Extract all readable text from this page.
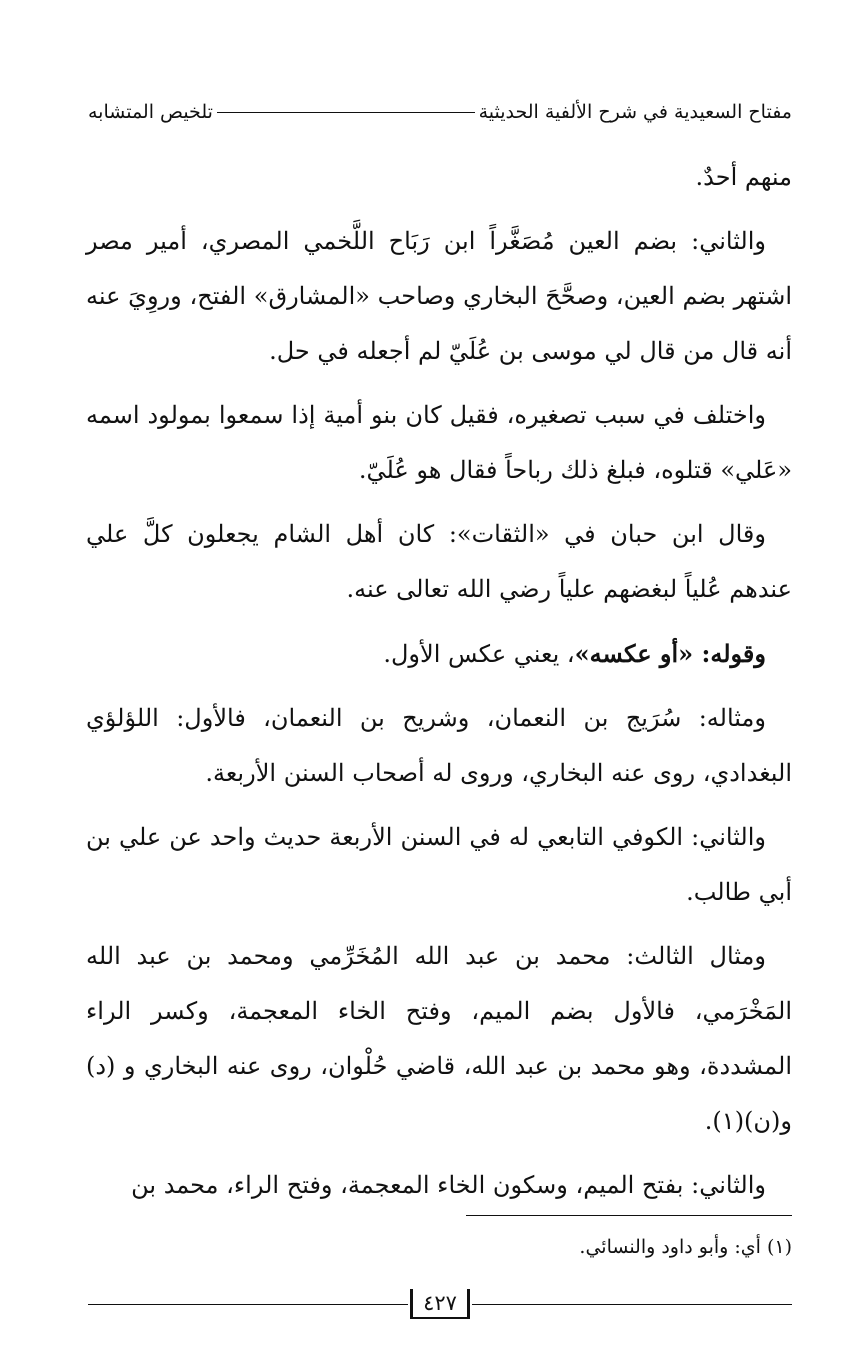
مفتاح السعيدية في شرح الألفية الحديثية
تلخيص المتشابه

منهم أحدٌ.

والثاني: بضم العين مُصَغَّراً ابن رَبَاح اللَّخمي المصري، أمير مصر اشتهر بضم العين، وصحَّحَ البخاري وصاحب «المشارق» الفتح، وروِيَ عنه أنه قال من قال لي موسى بن عُلَيّ لم أجعله في حل.

واختلف في سبب تصغيره، فقيل كان بنو أمية إذا سمعوا بمولود اسمه «عَلي» قتلوه، فبلغ ذلك رباحاً فقال هو عُلَيّ.

وقال ابن حبان في «الثقات»: كان أهل الشام يجعلون كلَّ علي عندهم عُلياً لبغضهم علياً رضي الله تعالى عنه.

وقوله: «أو عكسه»، يعني عكس الأول.

ومثاله: سُرَيج بن النعمان، وشريح بن النعمان، فالأول: اللؤلؤي البغدادي، روى عنه البخاري، وروى له أصحاب السنن الأربعة.

والثاني: الكوفي التابعي له في السنن الأربعة حديث واحد عن علي بن أبي طالب.

ومثال الثالث: محمد بن عبد الله المُخَرِّمي ومحمد بن عبد الله المَخْرَمي، فالأول بضم الميم، وفتح الخاء المعجمة، وكسر الراء المشددة، وهو محمد بن عبد الله، قاضي حُلْوان، روى عنه البخاري و (د) و(ن)(١).

والثاني: بفتح الميم، وسكون الخاء المعجمة، وفتح الراء، محمد بن

(١) أي: وأبو داود والنسائي.
٤٢٧
